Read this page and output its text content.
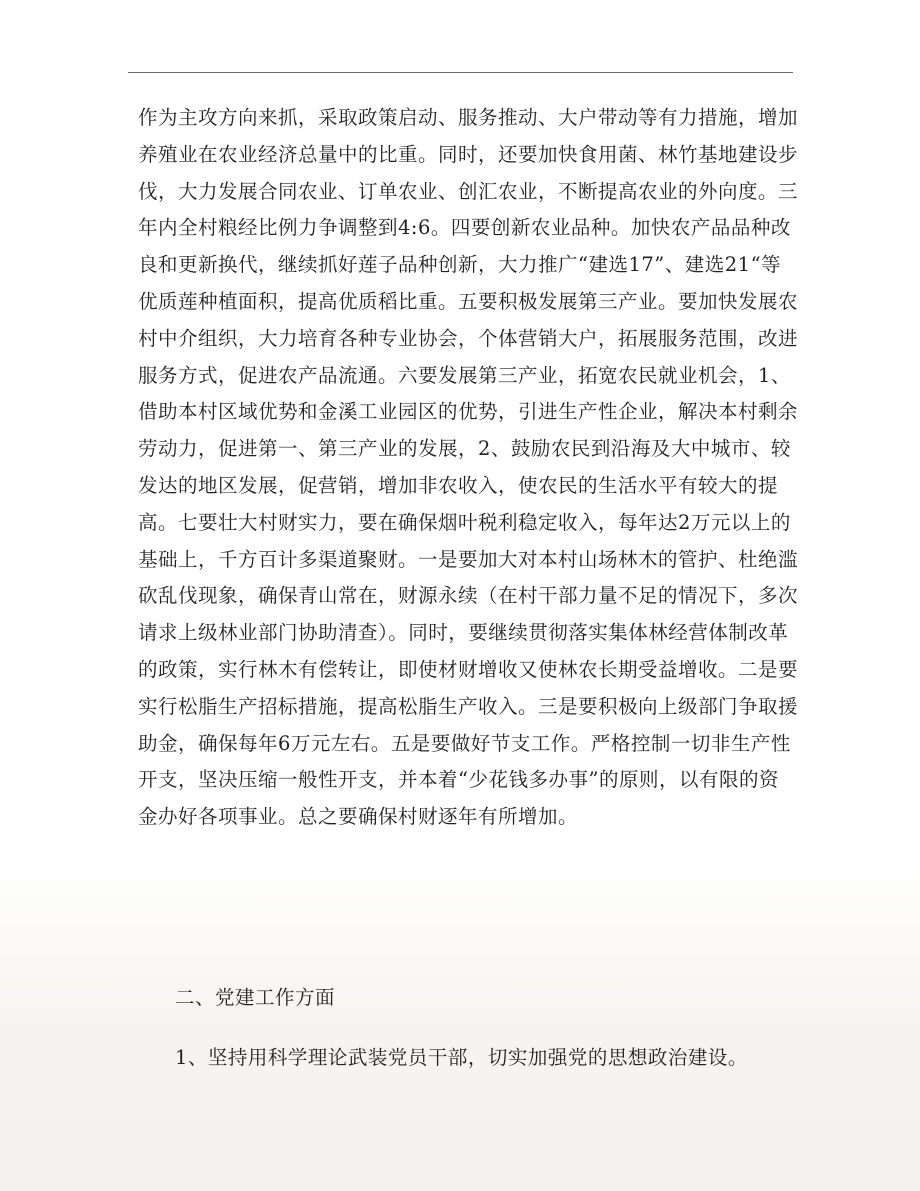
作为主攻方向来抓，采取政策启动、服务推动、大户带动等有力措施，增加养殖业在农业经济总量中的比重。同时，还要加快食用菌、林竹基地建设步伐，大力发展合同农业、订单农业、创汇农业，不断提高农业的外向度。三年内全村粮经比例力争调整到4:6。四要创新农业品种。加快农产品品种改良和更新换代，继续抓好莲子品种创新，大力推广“建选17”、建选21“等优质莲种植面积，提高优质稻比重。五要积极发展第三产业。要加快发展农村中介组织，大力培育各种专业协会，个体营销大户，拓展服务范围，改进服务方式，促进农产品流通。六要发展第三产业，拓宽农民就业机会，1、借助本村区域优势和金溪工业园区的优势，引进生产性企业，解决本村剩余劳动力，促进第一、第三产业的发展，2、鼓励农民到沿海及大中城市、较发达的地区发展，促营销，增加非农收入，使农民的生活水平有较大的提高。七要壮大村财实力，要在确保烟叶税利稳定收入，每年达2万元以上的基础上，千方百计多渠道聚财。一是要加大对本村山场林木的管护、杜绝滥砍乱伐现象，确保青山常在，财源永续（在村干部力量不足的情况下，多次请求上级林业部门协助清查）。同时，要继续贯彻落实集体林经营体制改革的政策，实行林木有偿转让，即使材财增收又使林农长期受益增收。二是要实行松脂生产招标措施，提高松脂生产收入。三是要积极向上级部门争取援助金，确保每年6万元左右。五是要做好节支工作。严格控制一切非生产性开支，坚决压缩一般性开支，并本着“少花钱多办事”的原则，以有限的资金办好各项事业。总之要确保村财逐年有所增加。

二、党建工作方面

1、坚持用科学理论武装党员干部，切实加强党的思想政治建设。
